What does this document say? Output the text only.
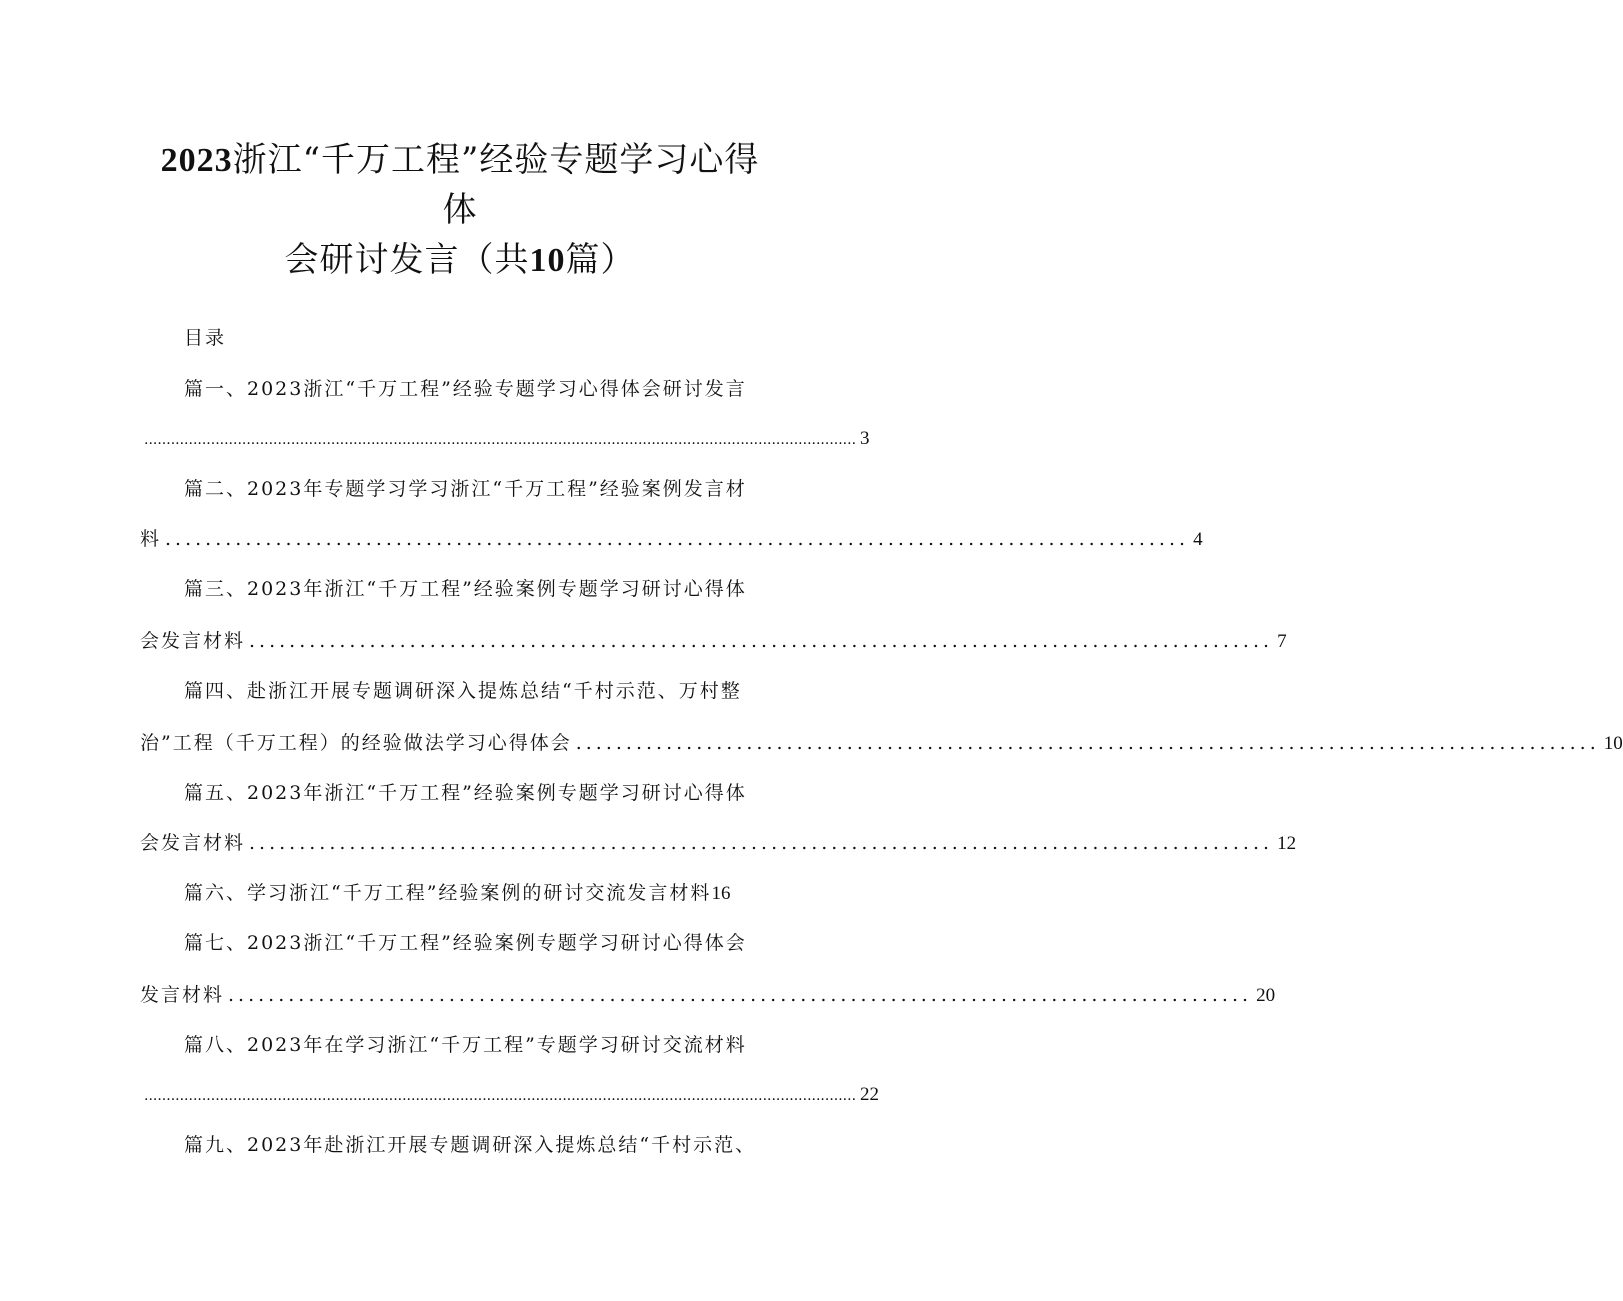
2023浙江“千万工程”经验专题学习心得
体
会研讨发言（共10篇）
目录
篇一、2023浙江“千万工程”经验专题学习心得体会研讨发言
................................................................................................................................................................ 3
篇二、2023年专题学习学习浙江“千万工程”经验案例发言材
料 ...................................................................................................... 4
篇三、2023年浙江“千万工程”经验案例专题学习研讨心得体
会发言材料 ...................................................................................................... 7
篇四、赴浙江开展专题调研深入提炼总结“千村示范、万村整
治”工程（千万工程）的经验做法学习心得体会 ...................................................................................................... 10
篇五、2023年浙江“千万工程”经验案例专题学习研讨心得体
会发言材料 ...................................................................................................... 12
篇六、学习浙江“千万工程”经验案例的研讨交流发言材料16
篇七、2023浙江“千万工程”经验案例专题学习研讨心得体会
发言材料 ...................................................................................................... 20
篇八、2023年在学习浙江“千万工程”专题学习研讨交流材料
................................................................................................................................................................ 22
篇九、2023年赴浙江开展专题调研深入提炼总结“千村示范、
